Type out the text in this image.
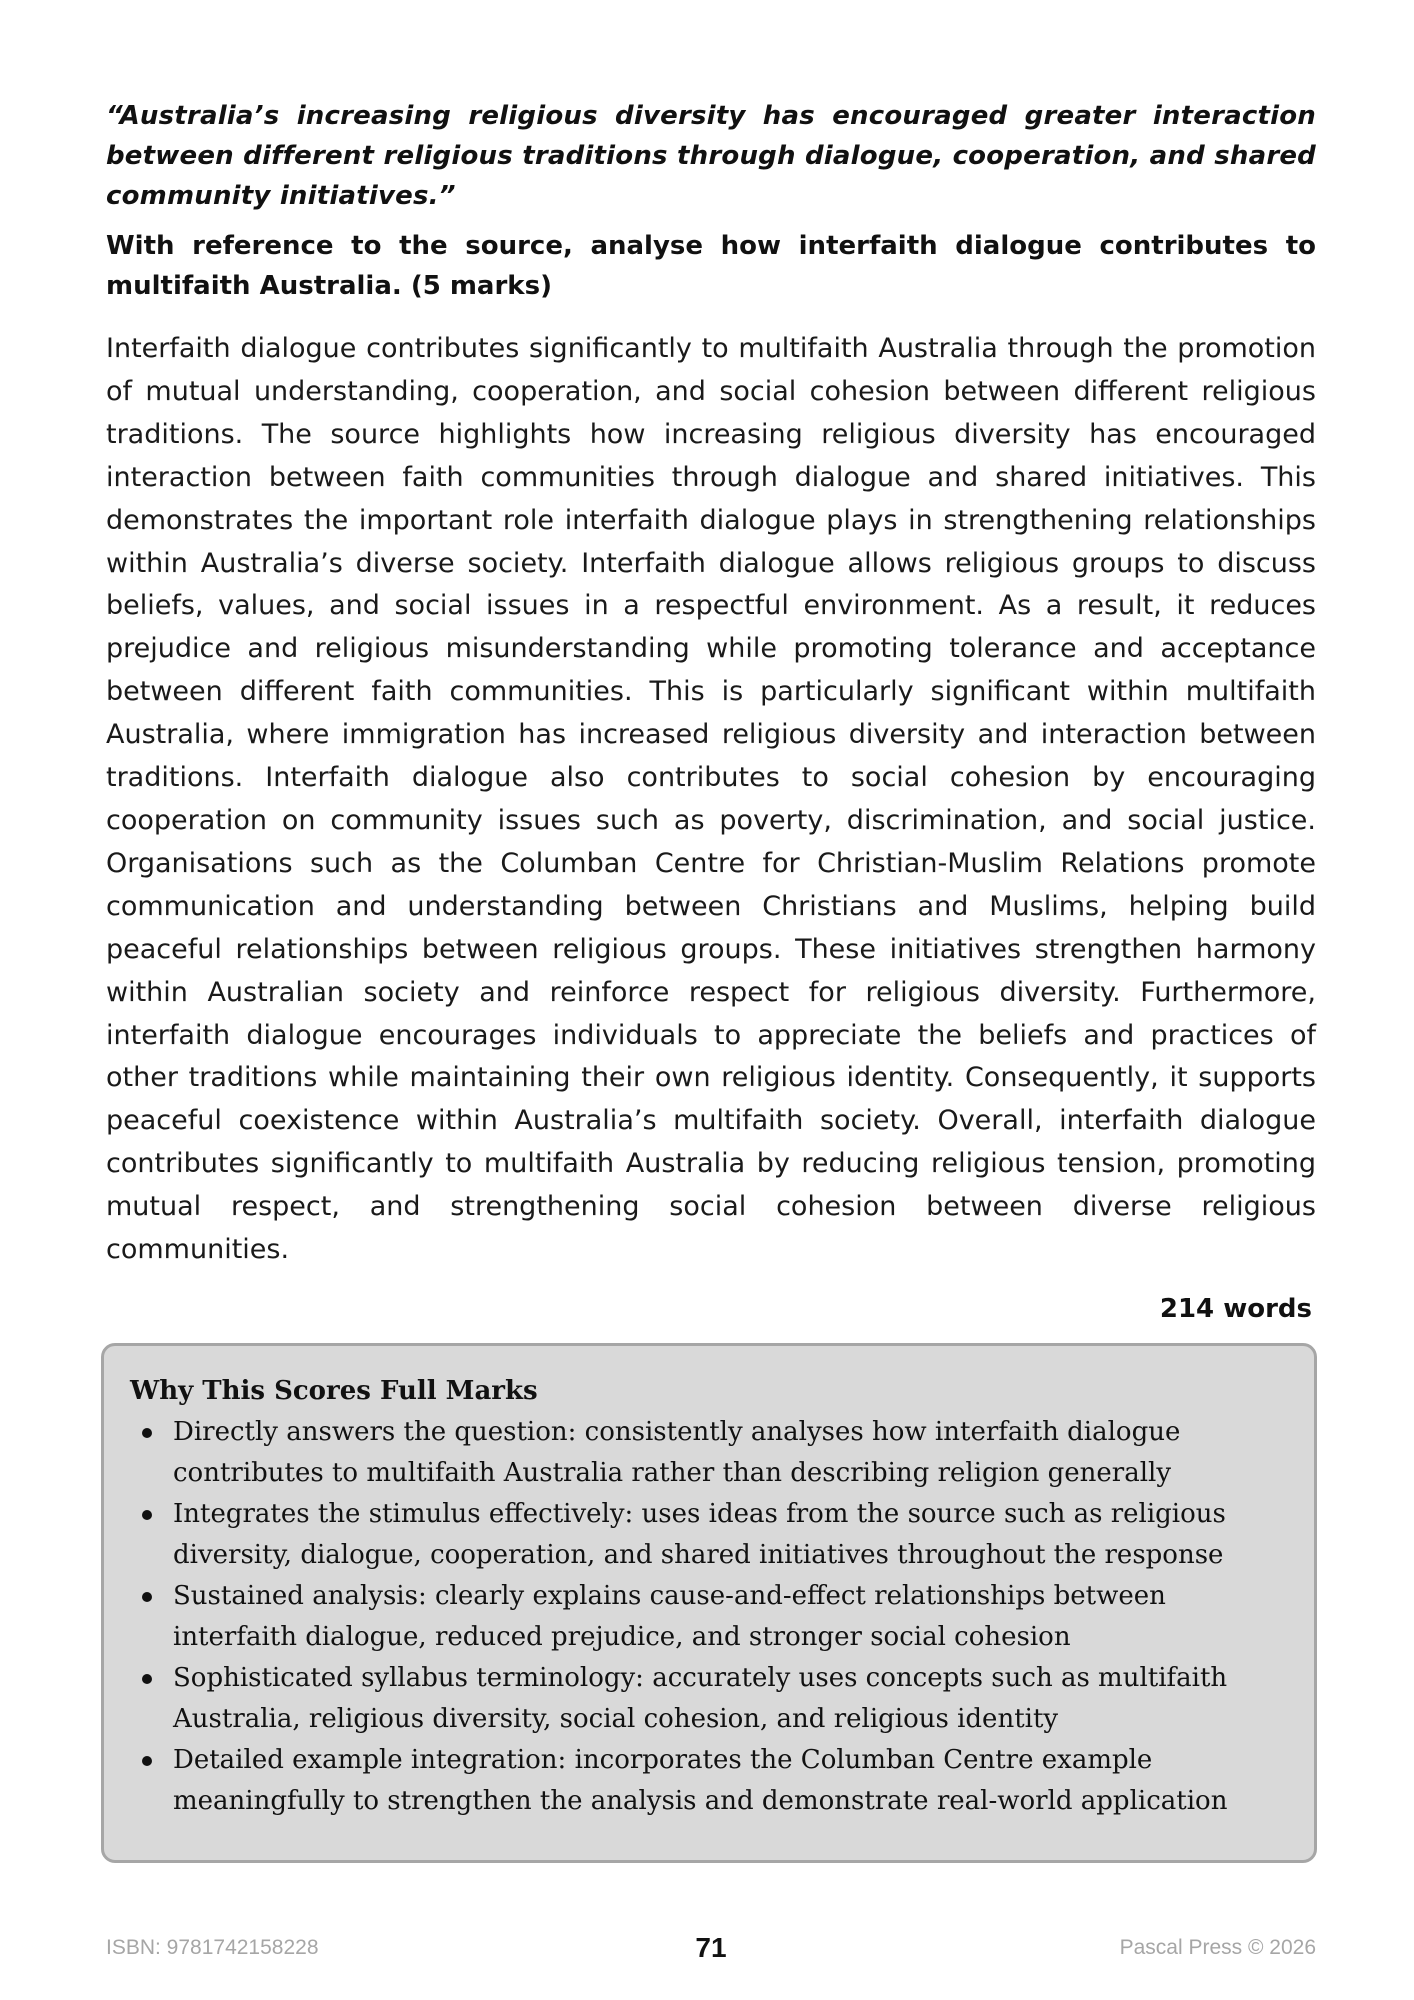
“Australia’s increasing religious diversity has encouraged greater interaction between different religious traditions through dialogue, cooperation, and shared community initiatives.”

With reference to the source, analyse how interfaith dialogue contributes to multifaith Australia. (5 marks)

Interfaith dialogue contributes significantly to multifaith Australia through the promotion of mutual understanding, cooperation, and social cohesion between different religious traditions. The source highlights how increasing religious diversity has encouraged interaction between faith communities through dialogue and shared initiatives. This demonstrates the important role interfaith dialogue plays in strengthening relationships within Australia’s diverse society. Interfaith dialogue allows religious groups to discuss beliefs, values, and social issues in a respectful environment. As a result, it reduces prejudice and religious misunderstanding while promoting tolerance and acceptance between different faith communities. This is particularly significant within multifaith Australia, where immigration has increased religious diversity and interaction between traditions. Interfaith dialogue also contributes to social cohesion by encouraging cooperation on community issues such as poverty, discrimination, and social justice. Organisations such as the Columban Centre for Christian-Muslim Relations promote communication and understanding between Christians and Muslims, helping build peaceful relationships between religious groups. These initiatives strengthen harmony within Australian society and reinforce respect for religious diversity. Furthermore, interfaith dialogue encourages individuals to appreciate the beliefs and practices of other traditions while maintaining their own religious identity. Consequently, it supports peaceful coexistence within Australia’s multifaith society. Overall, interfaith dialogue contributes significantly to multifaith Australia by reducing religious tension, promoting mutual respect, and strengthening social cohesion between diverse religious communities.

214 words
Why This Scores Full Marks
Directly answers the question: consistently analyses how interfaith dialogue contributes to multifaith Australia rather than describing religion generally
Integrates the stimulus effectively: uses ideas from the source such as religious diversity, dialogue, cooperation, and shared initiatives throughout the response
Sustained analysis: clearly explains cause-and-effect relationships between interfaith dialogue, reduced prejudice, and stronger social cohesion
Sophisticated syllabus terminology: accurately uses concepts such as multifaith Australia, religious diversity, social cohesion, and religious identity
Detailed example integration: incorporates the Columban Centre example meaningfully to strengthen the analysis and demonstrate real-world application
ISBN: 9781742158228	71	Pascal Press © 2026
